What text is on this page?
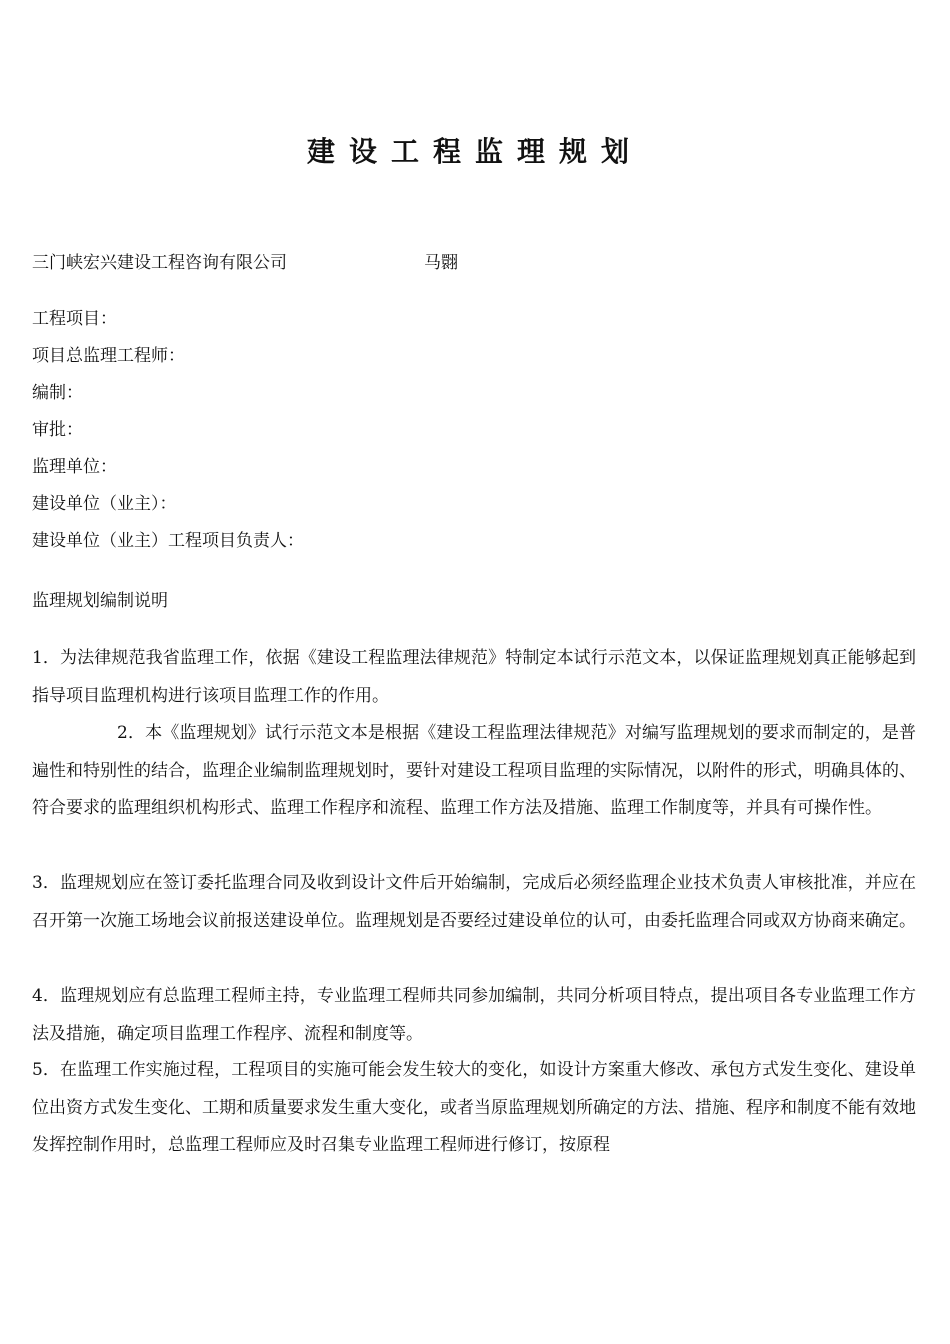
建设工程监理规划
三门峡宏兴建设工程咨询有限公司	马翾
工程项目：
项目总监理工程师：
编制：
审批：
监理单位：
建设单位（业主）：
建设单位（业主）工程项目负责人：
监理规划编制说明

1．为法律规范我省监理工作，依据《建设工程监理法律规范》特制定本试行示范文本，以保证监理规划真正能够起到指导项目监理机构进行该项目监理工作的作用。

2．本《监理规划》试行示范文本是根据《建设工程监理法律规范》对编写监理规划的要求而制定的，是普遍性和特别性的结合，监理企业编制监理规划时，要针对建设工程项目监理的实际情况，以附件的形式，明确具体的、符合要求的监理组织机构形式、监理工作程序和流程、监理工作方法及措施、监理工作制度等，并具有可操作性。

3．监理规划应在签订委托监理合同及收到设计文件后开始编制，完成后必须经监理企业技术负责人审核批准，并应在召开第一次施工场地会议前报送建设单位。监理规划是否要经过建设单位的认可，由委托监理合同或双方协商来确定。

4．监理规划应有总监理工程师主持，专业监理工程师共同参加编制，共同分析项目特点，提出项目各专业监理工作方法及措施，确定项目监理工作程序、流程和制度等。

5．在监理工作实施过程，工程项目的实施可能会发生较大的变化，如设计方案重大修改、承包方式发生变化、建设单位出资方式发生变化、工期和质量要求发生重大变化，或者当原监理规划所确定的方法、措施、程序和制度不能有效地发挥控制作用时，总监理工程师应及时召集专业监理工程师进行修订，按原程
